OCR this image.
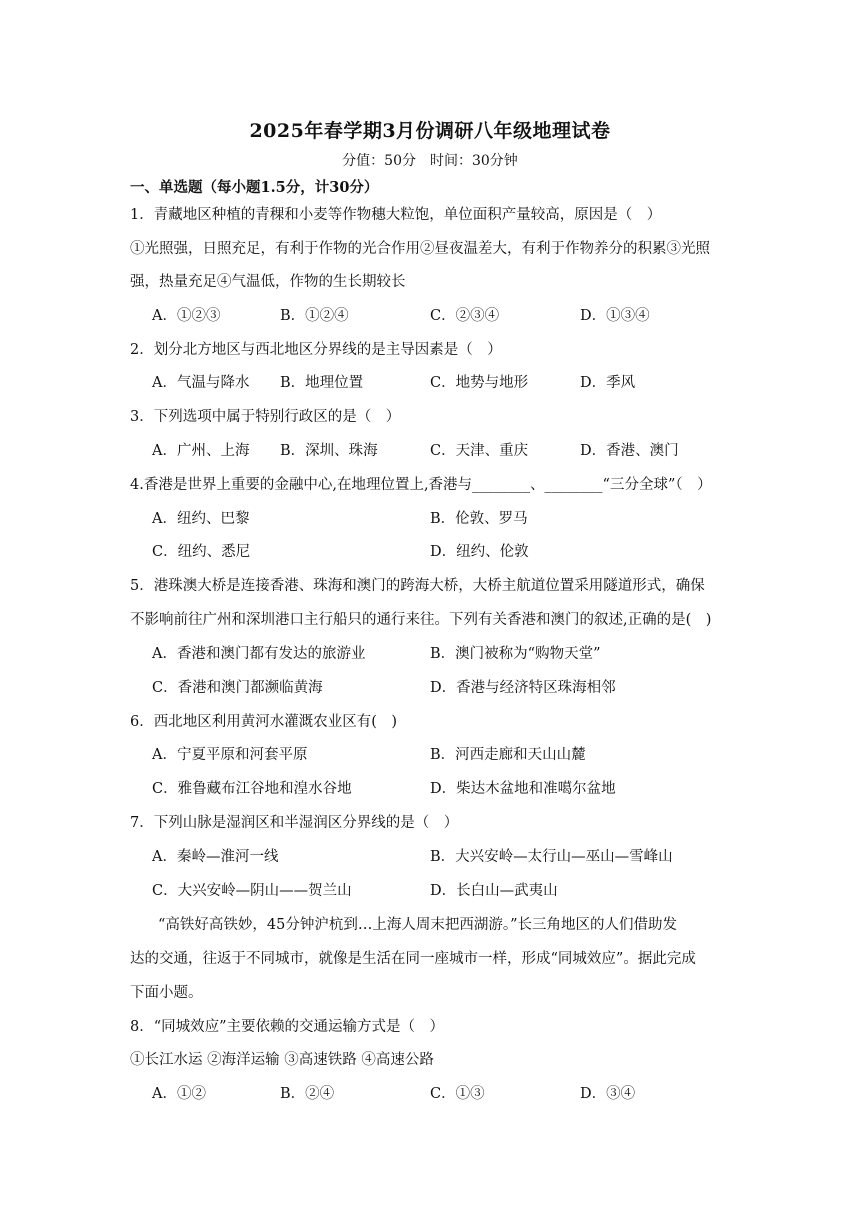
2025年春学期3月份调研八年级地理试卷
分值：50分　时间：30分钟
一、单选题（每小题1.5分，计30分）
1．青藏地区种植的青稞和小麦等作物穗大粒饱，单位面积产量较高，原因是（　）
①光照强，日照充足，有利于作物的光合作用②昼夜温差大，有利于作物养分的积累③光照
强，热量充足④气温低，作物的生长期较长
A．①②③	B．①②④	C．②③④	D．①③④
2．划分北方地区与西北地区分界线的是主导因素是（　）
A．气温与降水 B．地理位置	C．地势与地形	D．季风
3．下列选项中属于特别行政区的是（　）
A．广州、上海 B．深圳、珠海	C．天津、重庆	D．香港、澳门
4.香港是世界上重要的金融中心,在地理位置上,香港与________、________“三分全球”（　）
A．纽约、巴黎	B．伦敦、罗马
C．纽约、悉尼	D．纽约、伦敦
5．港珠澳大桥是连接香港、珠海和澳门的跨海大桥，大桥主航道位置采用隧道形式，确保
不影响前往广州和深圳港口主行船只的通行来往。下列有关香港和澳门的叙述,正确的是(　)
A．香港和澳门都有发达的旅游业	B．澳门被称为“购物天堂”
C．香港和澳门都濒临黄海	D．香港与经济特区珠海相邻
6．西北地区利用黄河水灌溉农业区有(　)
A．宁夏平原和河套平原	B．河西走廊和天山山麓
C．雅鲁藏布江谷地和湟水谷地	D．柴达木盆地和准噶尔盆地
7．下列山脉是湿润区和半湿润区分界线的是（　）
A．秦岭—淮河一线	B．大兴安岭—太行山—巫山—雪峰山
C．大兴安岭—阴山——贺兰山	D．长白山—武夷山
“高铁好高铁妙，45分钟沪杭到…上海人周末把西湖游。”长三角地区的人们借助发
达的交通，往返于不同城市，就像是生活在同一座城市一样，形成“同城效应”。据此完成
下面小题。
8．“同城效应”主要依赖的交通运输方式是（　）
①长江水运 ②海洋运输 ③高速铁路 ④高速公路
A．①②	B．②④	C．①③	D．③④
